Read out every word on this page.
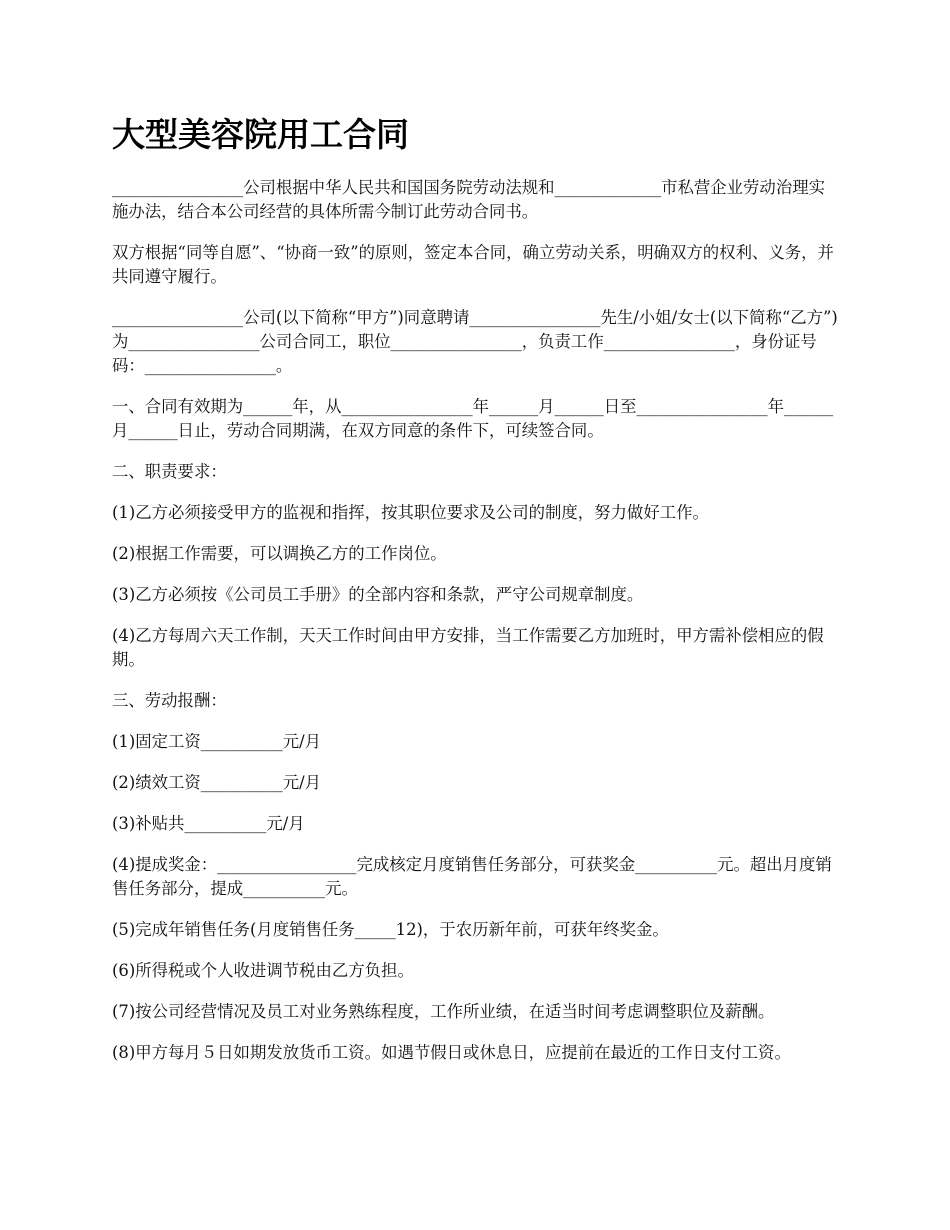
大型美容院用工合同

________________公司根据中华人民共和国国务院劳动法规和_____________市私营企业劳动治理实施办法，结合本公司经营的具体所需今制订此劳动合同书。

双方根据“同等自愿”、“协商一致”的原则，签定本合同，确立劳动关系，明确双方的权利、义务，并共同遵守履行。

________________公司(以下简称“甲方”)同意聘请________________先生/小姐/女士(以下简称“乙方”)为________________公司合同工，职位________________，负责工作________________，身份证号码：________________。

一、合同有效期为______年，从________________年______月______日至________________年______月______日止，劳动合同期满，在双方同意的条件下，可续签合同。

二、职责要求：

(1)乙方必须接受甲方的监视和指挥，按其职位要求及公司的制度，努力做好工作。

(2)根据工作需要，可以调换乙方的工作岗位。

(3)乙方必须按《公司员工手册》的全部内容和条款，严守公司规章制度。

(4)乙方每周六天工作制，天天工作时间由甲方安排，当工作需要乙方加班时，甲方需补偿相应的假期。

三、劳动报酬：

(1)固定工资__________元/月

(2)绩效工资__________元/月

(3)补贴共__________元/月

(4)提成奖金：_________________完成核定月度销售任务部分，可获奖金__________元。超出月度销售任务部分，提成__________元。

(5)完成年销售任务(月度销售任务_____12)，于农历新年前，可获年终奖金。

(6)所得税或个人收进调节税由乙方负担。

(7)按公司经营情况及员工对业务熟练程度，工作所业绩，在适当时间考虑调整职位及薪酬。

(8)甲方每月５日如期发放货币工资。如遇节假日或休息日，应提前在最近的工作日支付工资。
